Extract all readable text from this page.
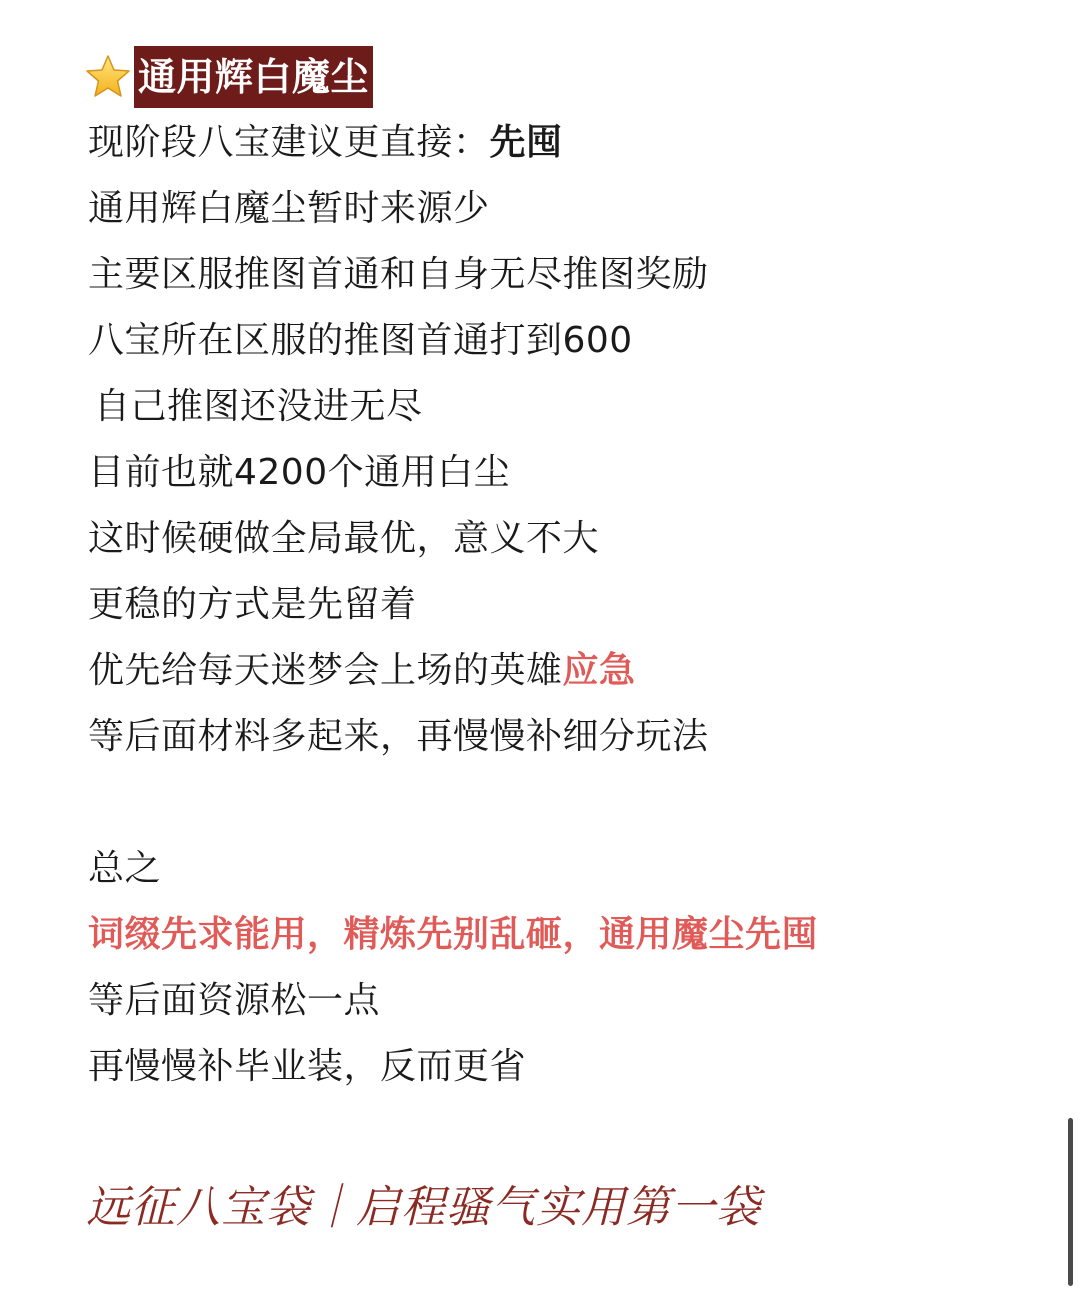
通用辉白魔尘
现阶段八宝建议更直接：先囤
通用辉白魔尘暂时来源少
主要区服推图首通和自身无尽推图奖励
八宝所在区服的推图首通打到600
自己推图还没进无尽
目前也就4200个通用白尘
这时候硬做全局最优，意义不大
更稳的方式是先留着
优先给每天迷梦会上场的英雄应急
等后面材料多起来，再慢慢补细分玩法
总之
词缀先求能用，精炼先别乱砸，通用魔尘先囤
等后面资源松一点
再慢慢补毕业装，反而更省
远征八宝袋｜启程骚气实用第一袋
